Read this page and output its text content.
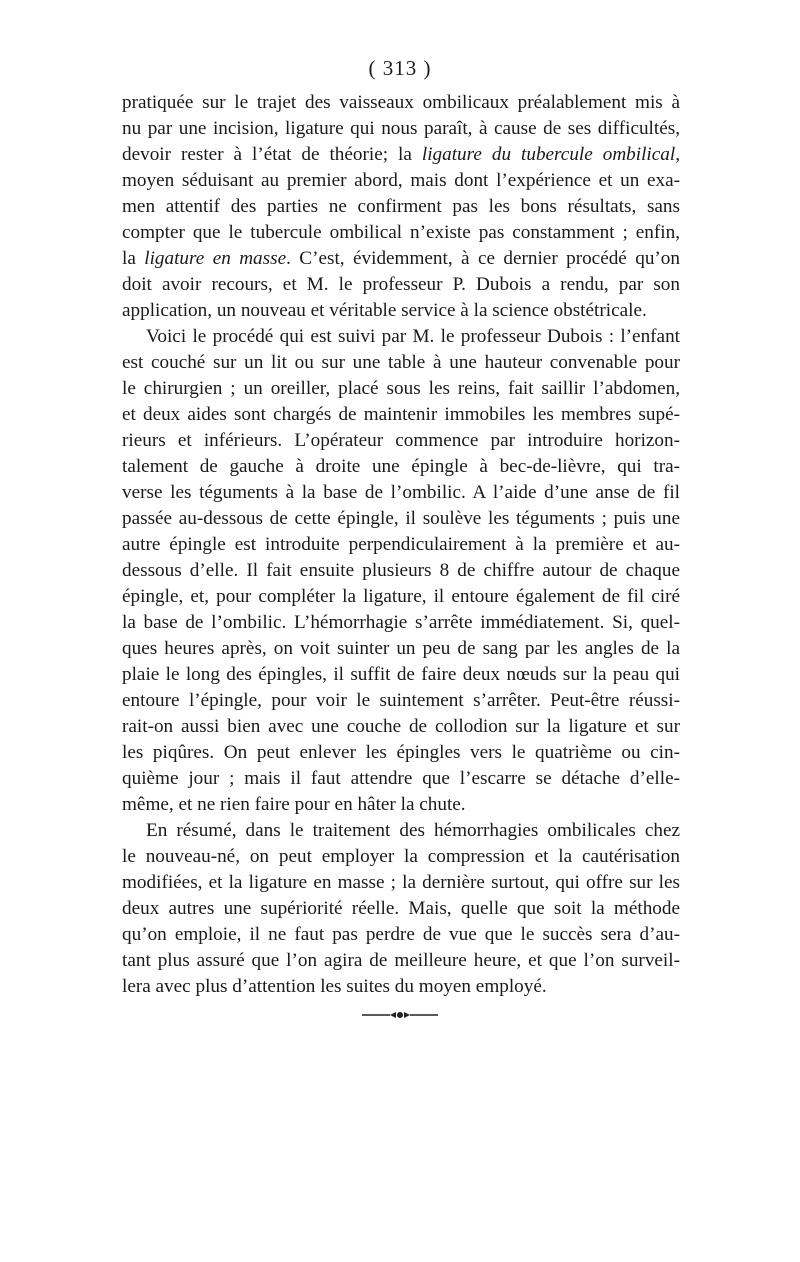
( 313 )
pratiquée sur le trajet des vaisseaux ombilicaux préalablement mis à
nu par une incision, ligature qui nous paraît, à cause de ses difficultés,
devoir rester à l’état de théorie; la ligature du tubercule ombilical,
moyen séduisant au premier abord, mais dont l’expérience et un exa-
men attentif des parties ne confirment pas les bons résultats, sans
compter que le tubercule ombilical n’existe pas constamment ; enfin,
la ligature en masse. C’est, évidemment, à ce dernier procédé qu’on
doit avoir recours, et M. le professeur P. Dubois a rendu, par son
application, un nouveau et véritable service à la science obstétricale.
Voici le procédé qui est suivi par M. le professeur Dubois : l’enfant
est couché sur un lit ou sur une table à une hauteur convenable pour
le chirurgien ; un oreiller, placé sous les reins, fait saillir l’abdomen,
et deux aides sont chargés de maintenir immobiles les membres supé-
rieurs et inférieurs. L’opérateur commence par introduire horizon-
talement de gauche à droite une épingle à bec-de-lièvre, qui tra-
verse les téguments à la base de l’ombilic. A l’aide d’une anse de fil
passée au-dessous de cette épingle, il soulève les téguments ; puis une
autre épingle est introduite perpendiculairement à la première et au-
dessous d’elle. Il fait ensuite plusieurs 8 de chiffre autour de chaque
épingle, et, pour compléter la ligature, il entoure également de fil ciré
la base de l’ombilic. L’hémorrhagie s’arrête immédiatement. Si, quel-
ques heures après, on voit suinter un peu de sang par les angles de la
plaie le long des épingles, il suffit de faire deux nœuds sur la peau qui
entoure l’épingle, pour voir le suintement s’arrêter. Peut-être réussi-
rait-on aussi bien avec une couche de collodion sur la ligature et sur
les piqûres. On peut enlever les épingles vers le quatrième ou cin-
quième jour ; mais il faut attendre que l’escarre se détache d’elle-
même, et ne rien faire pour en hâter la chute.
En résumé, dans le traitement des hémorrhagies ombilicales chez
le nouveau-né, on peut employer la compression et la cautérisation
modifiées, et la ligature en masse ; la dernière surtout, qui offre sur les
deux autres une supériorité réelle. Mais, quelle que soit la méthode
qu’on emploie, il ne faut pas perdre de vue que le succès sera d’au-
tant plus assuré que l’on agira de meilleure heure, et que l’on surveil-
lera avec plus d’attention les suites du moyen employé.
